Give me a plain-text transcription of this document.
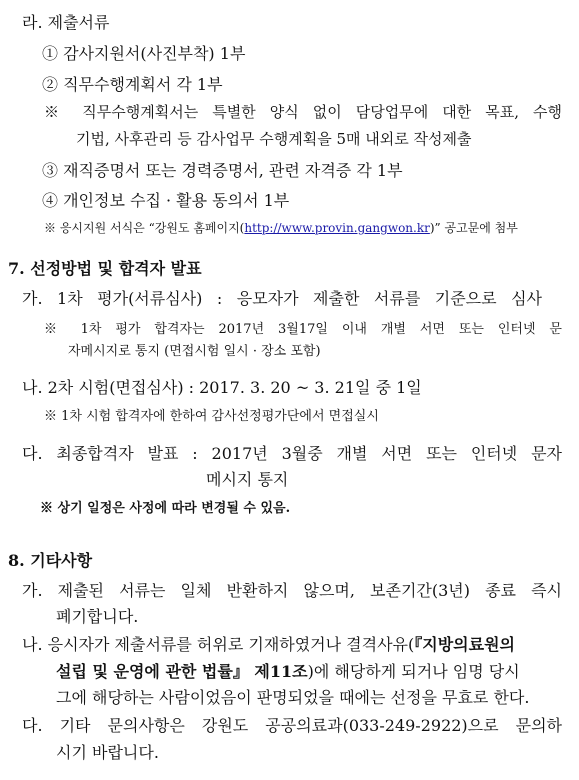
라. 제출서류
① 감사지원서(사진부착) 1부
② 직무수행계획서 각 1부
※ 직무수행계획서는 특별한 양식 없이 담당업무에 대한 목표, 수행
기법, 사후관리 등 감사업무 수행계획을 5매 내외로 작성제출
③ 재직증명서 또는 경력증명서, 관련 자격증 각 1부
④ 개인정보 수집 · 활용 동의서 1부
※ 응시지원 서식은 “강원도 홈페이지(http://www.provin.gangwon.kr)” 공고문에 첨부
7. 선정방법 및 합격자 발표
가. 1차 평가(서류심사) : 응모자가 제출한 서류를 기준으로 심사
※ 1차 평가 합격자는 2017년 3월17일 이내 개별 서면 또는 인터넷 문
자메시지로 통지 (면접시험 일시 · 장소 포함)
나. 2차 시험(면접심사) : 2017. 3. 20 ~ 3. 21일 중 1일
※ 1차 시험 합격자에 한하여 감사선정평가단에서 면접실시
다. 최종합격자 발표 : 2017년 3월중 개별 서면 또는 인터넷 문자
메시지 통지
※ 상기 일정은 사정에 따라 변경될 수 있음.
8. 기타사항
가. 제출된 서류는 일체 반환하지 않으며, 보존기간(3년) 종료 즉시
폐기합니다.
나. 응시자가 제출서류를 허위로 기재하였거나 결격사유(『지방의료원의
설립 및 운영에 관한 법률』 제11조)에 해당하게 되거나 임명 당시
그에 해당하는 사람이었음이 판명되었을 때에는 선정을 무효로 한다.
다. 기타 문의사항은 강원도 공공의료과(033-249-2922)으로 문의하
시기 바랍니다.
